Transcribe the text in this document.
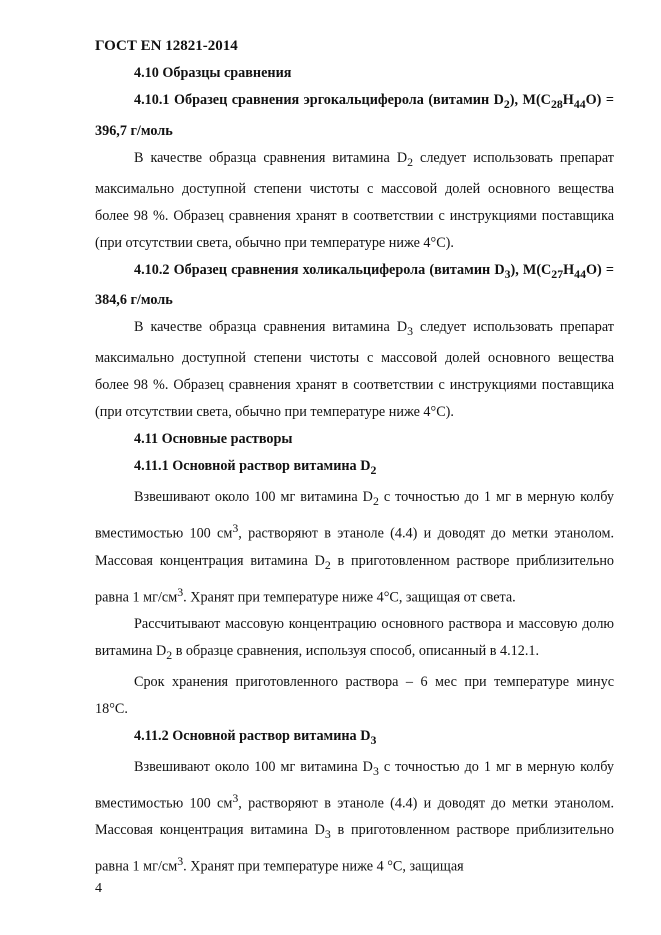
ГОСТ EN 12821-2014

4.10 Образцы сравнения

4.10.1 Образец сравнения эргокальциферола (витамин $D_2$), $M(C_{28}H_{44}O) = 396,7$ г/моль

В качестве образца сравнения витамина $D_2$ следует использовать препарат максимально доступной степени чистоты с массовой долей основного вещества более 98 %. Образец сравнения хранят в соответствии с инструкциями поставщика (при отсутствии света, обычно при температуре ниже 4°C).

4.10.2 Образец сравнения холикальциферола (витамин $D_3$), $M(C_{27}H_{44}O) = 384,6$ г/моль

В качестве образца сравнения витамина $D_3$ следует использовать препарат максимально доступной степени чистоты с массовой долей основного вещества более 98 %. Образец сравнения хранят в соответствии с инструкциями поставщика (при отсутствии света, обычно при температуре ниже 4°C).

4.11 Основные растворы

4.11.1 Основной раствор витамина $D_2$

Взвешивают около 100 мг витамина $D_2$ с точностью до 1 мг в мерную колбу вместимостью 100 $см^3$, растворяют в этаноле (4.4) и доводят до метки этанолом. Массовая концентрация витамина $D_2$ в приготовленном растворе приблизительно равна 1 $мг/см^3$. Хранят при температуре ниже 4°C, защищая от света.

Рассчитывают массовую концентрацию основного раствора и массовую долю витамина $D_2$ в образце сравнения, используя способ, описанный в 4.12.1.

Срок хранения приготовленного раствора – 6 мес при температуре минус 18°C.

4.11.2 Основной раствор витамина $D_3$

Взвешивают около 100 мг витамина $D_3$ с точностью до 1 мг в мерную колбу вместимостью 100 $см^3$, растворяют в этаноле (4.4) и доводят до метки этанолом. Массовая концентрация витамина $D_3$ в приготовленном растворе приблизительно равна 1 $мг/см^3$. Хранят при температуре ниже 4 °C, защищая

4
